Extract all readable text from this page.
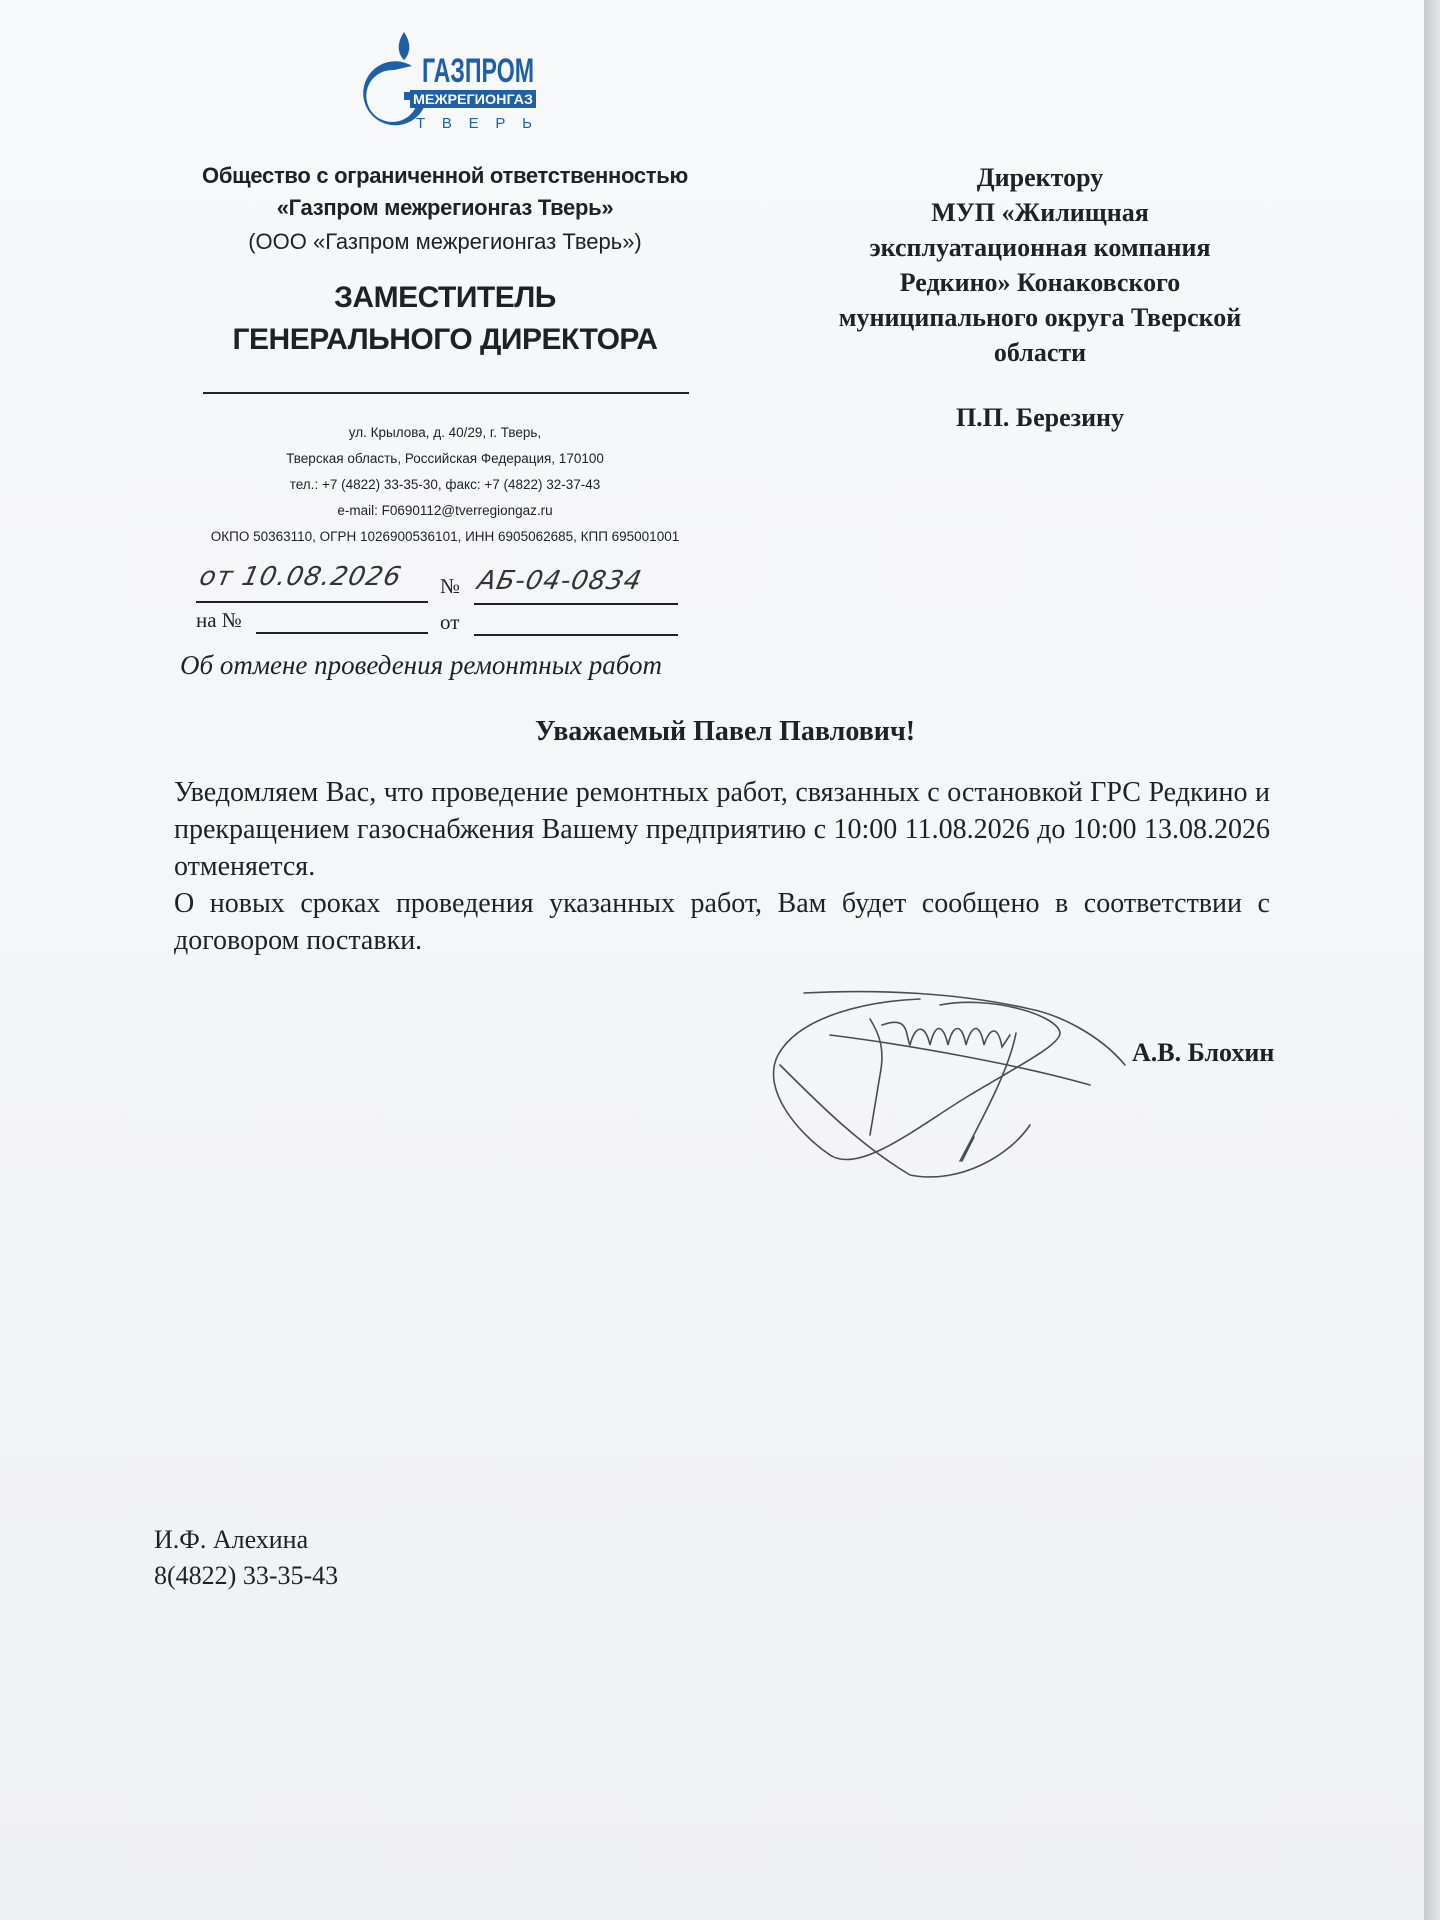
ГАЗПРОМ
МЕЖРЕГИОНГАЗ
ТВЕРЬ
Общество с ограниченной ответственностью
«Газпром межрегионгаз Тверь»
(ООО «Газпром межрегионгаз Тверь»)
ЗАМЕСТИТЕЛЬ
ГЕНЕРАЛЬНОГО ДИРЕКТОРА
ул. Крылова, д. 40/29, г. Тверь,
Тверская область, Российская Федерация, 170100
тел.: +7 (4822) 33-35-30, факс: +7 (4822) 32-37-43
e-mail: F0690112@tverregiongaz.ru
ОКПО 50363110, ОГРН 1026900536101, ИНН 6905062685, КПП 695001001
Директору
МУП «Жилищная
эксплуатационная компания
Редкино» Конаковского
муниципального округа Тверской
области
П.П. Березину
от 10.08.2026 № АБ-04-0834
на №	от
Об отмене проведения ремонтных работ
Уважаемый Павел Павлович!

Уведомляем Вас, что проведение ремонтных работ, связанных с остановкой ГРС Редкино и прекращением газоснабжения Вашему предприятию с 10:00 11.08.2026 до 10:00 13.08.2026 отменяется.

О новых сроках проведения указанных работ, Вам будет сообщено в соответствии с договором поставки.

А.В. Блохин
И.Ф. Алехина
8(4822) 33-35-43
